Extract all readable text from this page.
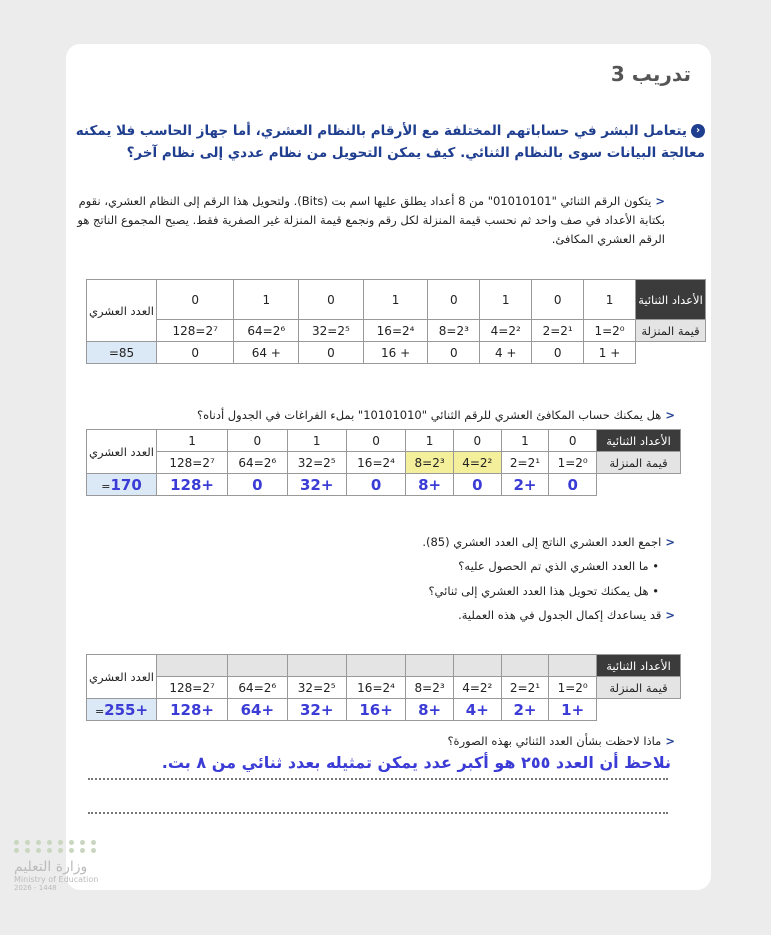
تدريب 3
‹يتعامل البشر في حساباتهم المختلفة مع الأرقام بالنظام العشري، أما جهاز الحاسب فلا يمكنه معالجة البيانات سوى بالنظام الثنائي. كيف يمكن التحويل من نظام عددي إلى نظام آخر؟
<يتكون الرقم الثنائي "01010101" من 8 أعداد يطلق عليها اسم بت (Bits). ولتحويل هذا الرقم إلى النظام العشري، نقوم بكتابة الأعداد في صف واحد ثم نحسب قيمة المنزلة لكل رقم ونجمع قيمة المنزلة غير الصفرية فقط. يصبح المجموع الناتج هو الرقم العشري المكافئ.
الأعداد الثنائية	1	0	1	0	1	0	1	0	العدد العشري
قيمة المنزلة	2⁰=1	2¹=2	2²=4	2³=8	2⁴=16	2⁵=32	2⁶=64	2⁷=128	
	+ 1	0	+ 4	0	+ 16	0	+ 64	0	85=
<هل يمكنك حساب المكافئ العشري للرقم الثنائي "10101010" بملء الفراغات في الجدول أدناه؟
الأعداد الثنائية	0	1	0	1	0	1	0	1	العدد العشري
قيمة المنزلة	2⁰=1	2¹=2	2²=4	2³=8	2⁴=16	2⁵=32	2⁶=64	2⁷=128	
	0	+2	0	+8	0	+32	0	+128	170=
<اجمع العدد العشري الناتج إلى العدد العشري (85).
• ما العدد العشري الذي تم الحصول عليه؟
• هل يمكنك تحويل هذا العدد العشري إلى ثنائي؟
<قد يساعدك إكمال الجدول في هذه العملية.
الأعداد الثنائية									العدد العشري
قيمة المنزلة	2⁰=1	2¹=2	2²=4	2³=8	2⁴=16	2⁵=32	2⁶=64	2⁷=128	
	+1	+2	+4	+8	+16	+32	+64	+128	+255=
<ماذا لاحظت بشأن العدد الثنائي بهذه الصورة؟
نلاحظ أن العدد ٢٥٥ هو أكبر عدد يمكن تمثيله بعدد ثنائي من ٨ بت.
وزارة التعليم
Ministry of Education
2026 - 1448
